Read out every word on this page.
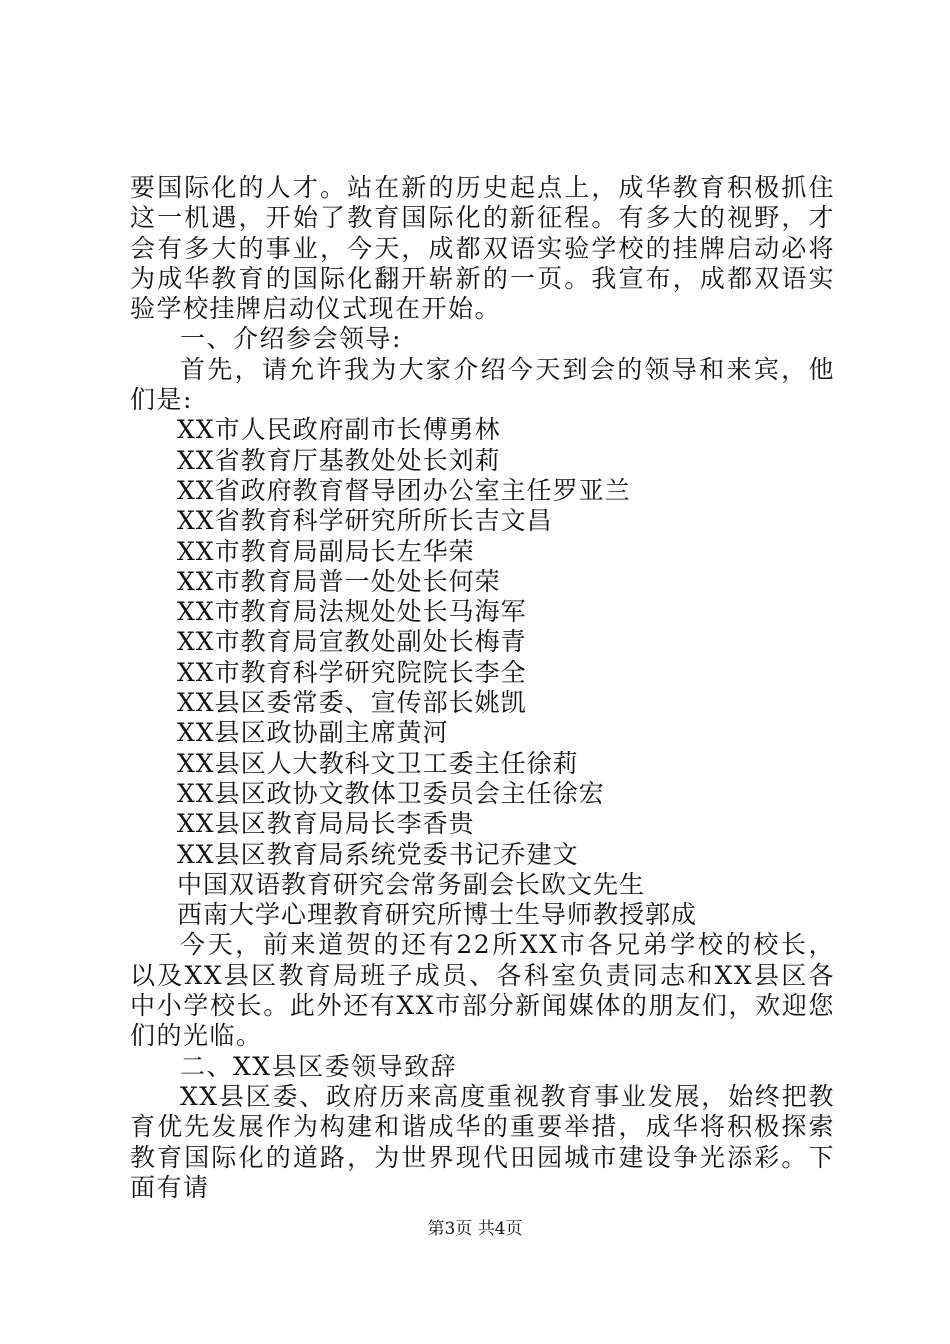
要国际化的人才。站在新的历史起点上，成华教育积极抓住这一机遇，开始了教育国际化的新征程。有多大的视野，才会有多大的事业，今天，成都双语实验学校的挂牌启动必将为成华教育的国际化翻开崭新的一页。我宣布，成都双语实验学校挂牌启动仪式现在开始。

一、介绍参会领导:

首先，请允许我为大家介绍今天到会的领导和来宾，他们是:

XX市人民政府副市长傅勇林

XX省教育厅基教处处长刘莉

XX省政府教育督导团办公室主任罗亚兰

XX省教育科学研究所所长吉文昌

XX市教育局副局长左华荣

XX市教育局普一处处长何荣

XX市教育局法规处处长马海军

XX市教育局宣教处副处长梅青

XX市教育科学研究院院长李全

XX县区委常委、宣传部长姚凯

XX县区政协副主席黄河

XX县区人大教科文卫工委主任徐莉

XX县区政协文教体卫委员会主任徐宏

XX县区教育局局长李香贵

XX县区教育局系统党委书记乔建文

中国双语教育研究会常务副会长欧文先生

西南大学心理教育研究所博士生导师教授郭成

今天，前来道贺的还有22所XX市各兄弟学校的校长，以及XX县区教育局班子成员、各科室负责同志和XX县区各中小学校长。此外还有XX市部分新闻媒体的朋友们，欢迎您们的光临。

二、XX县区委领导致辞

XX县区委、政府历来高度重视教育事业发展，始终把教育优先发展作为构建和谐成华的重要举措，成华将积极探索教育国际化的道路，为世界现代田园城市建设争光添彩。下面有请

第3页 共4页
